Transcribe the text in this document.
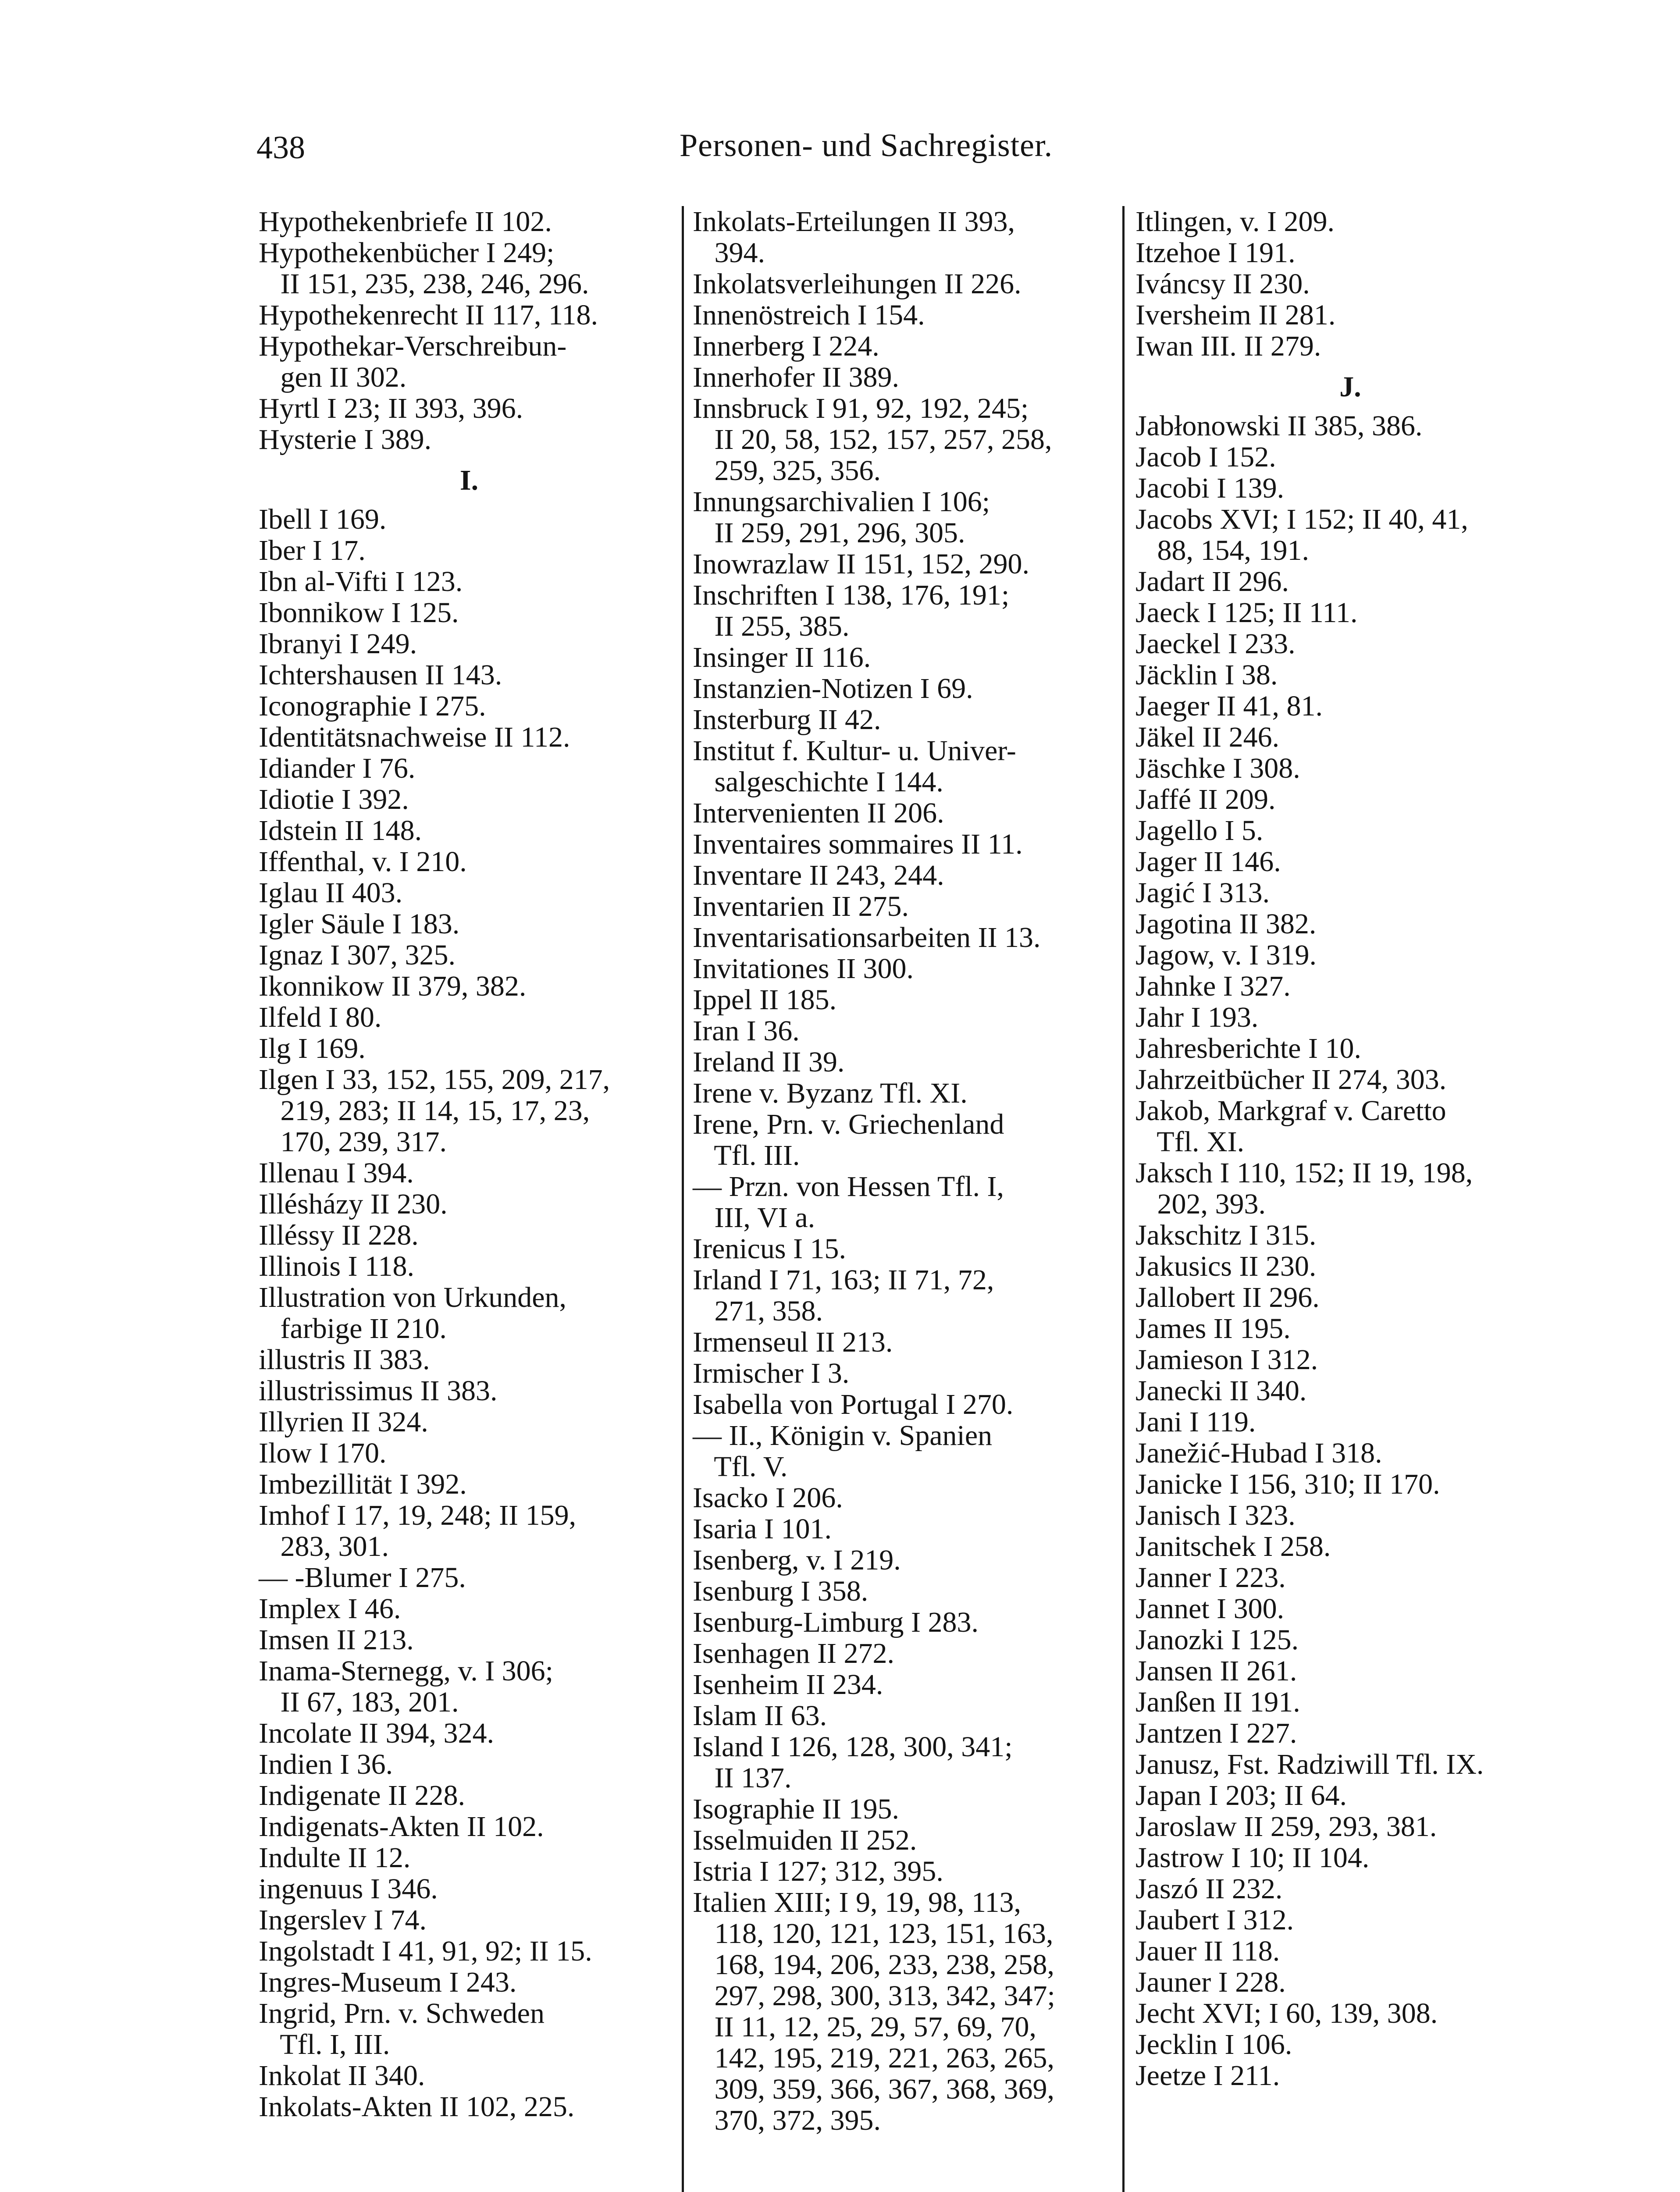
438	Personen- und Sachregister.
Hypothekenbriefe II 102.
Hypothekenbücher I 249;
II 151, 235, 238, 246, 296.
Hypothekenrecht II 117, 118.
Hypothekar-Verschreibun-
gen II 302.
Hyrtl I 23; II 393, 396.
Hysterie I 389.
I.
Ibell I 169.
Iber I 17.
Ibn al-Vifti I 123.
Ibonnikow I 125.
Ibranyi I 249.
Ichtershausen II 143.
Iconographie I 275.
Identitätsnachweise II 112.
Idiander I 76.
Idiotie I 392.
Idstein II 148.
Iffenthal, v. I 210.
Iglau II 403.
Igler Säule I 183.
Ignaz I 307, 325.
Ikonnikow II 379, 382.
Ilfeld I 80.
Ilg I 169.
Ilgen I 33, 152, 155, 209, 217,
219, 283; II 14, 15, 17, 23,
170, 239, 317.
Illenau I 394.
Illésházy II 230.
Illéssy II 228.
Illinois I 118.
Illustration von Urkunden,
farbige II 210.
illustris II 383.
illustrissimus II 383.
Illyrien II 324.
Ilow I 170.
Imbezillität I 392.
Imhof I 17, 19, 248; II 159,
283, 301.
— -Blumer I 275.
Implex I 46.
Imsen II 213.
Inama-Sternegg, v. I 306;
II 67, 183, 201.
Incolate II 394, 324.
Indien I 36.
Indigenate II 228.
Indigenats-Akten II 102.
Indulte II 12.
ingenuus I 346.
Ingerslev I 74.
Ingolstadt I 41, 91, 92; II 15.
Ingres-Museum I 243.
Ingrid, Prn. v. Schweden
Tfl. I, III.
Inkolat II 340.
Inkolats-Akten II 102, 225.
Inkolats-Erteilungen II 393,
394.
Inkolatsverleihungen II 226.
Innenöstreich I 154.
Innerberg I 224.
Innerhofer II 389.
Innsbruck I 91, 92, 192, 245;
II 20, 58, 152, 157, 257, 258,
259, 325, 356.
Innungsarchivalien I 106;
II 259, 291, 296, 305.
Inowrazlaw II 151, 152, 290.
Inschriften I 138, 176, 191;
II 255, 385.
Insinger II 116.
Instanzien-Notizen I 69.
Insterburg II 42.
Institut f. Kultur- u. Univer-
salgeschichte I 144.
Intervenienten II 206.
Inventaires sommaires II 11.
Inventare II 243, 244.
Inventarien II 275.
Inventarisationsarbeiten II 13.
Invitationes II 300.
Ippel II 185.
Iran I 36.
Ireland II 39.
Irene v. Byzanz Tfl. XI.
Irene, Prn. v. Griechenland
Tfl. III.
— Przn. von Hessen Tfl. I,
III, VI a.
Irenicus I 15.
Irland I 71, 163; II 71, 72,
271, 358.
Irmenseul II 213.
Irmischer I 3.
Isabella von Portugal I 270.
— II., Königin v. Spanien
Tfl. V.
Isacko I 206.
Isaria I 101.
Isenberg, v. I 219.
Isenburg I 358.
Isenburg-Limburg I 283.
Isenhagen II 272.
Isenheim II 234.
Islam II 63.
Island I 126, 128, 300, 341;
II 137.
Isographie II 195.
Isselmuiden II 252.
Istria I 127; 312, 395.
Italien XIII; I 9, 19, 98, 113,
118, 120, 121, 123, 151, 163,
168, 194, 206, 233, 238, 258,
297, 298, 300, 313, 342, 347;
II 11, 12, 25, 29, 57, 69, 70,
142, 195, 219, 221, 263, 265,
309, 359, 366, 367, 368, 369,
370, 372, 395.
Itlingen, v. I 209.
Itzehoe I 191.
Iváncsy II 230.
Iversheim II 281.
Iwan III. II 279.
J.
Jabłonowski II 385, 386.
Jacob I 152.
Jacobi I 139.
Jacobs XVI; I 152; II 40, 41,
88, 154, 191.
Jadart II 296.
Jaeck I 125; II 111.
Jaeckel I 233.
Jäcklin I 38.
Jaeger II 41, 81.
Jäkel II 246.
Jäschke I 308.
Jaffé II 209.
Jagello I 5.
Jager II 146.
Jagić I 313.
Jagotina II 382.
Jagow, v. I 319.
Jahnke I 327.
Jahr I 193.
Jahresberichte I 10.
Jahrzeitbücher II 274, 303.
Jakob, Markgraf v. Caretto
Tfl. XI.
Jaksch I 110, 152; II 19, 198,
202, 393.
Jakschitz I 315.
Jakusics II 230.
Jallobert II 296.
James II 195.
Jamieson I 312.
Janecki II 340.
Jani I 119.
Janežić-Hubad I 318.
Janicke I 156, 310; II 170.
Janisch I 323.
Janitschek I 258.
Janner I 223.
Jannet I 300.
Janozki I 125.
Jansen II 261.
Janßen II 191.
Jantzen I 227.
Janusz, Fst. Radziwill Tfl. IX.
Japan I 203; II 64.
Jaroslaw II 259, 293, 381.
Jastrow I 10; II 104.
Jaszó II 232.
Jaubert I 312.
Jauer II 118.
Jauner I 228.
Jecht XVI; I 60, 139, 308.
Jecklin I 106.
Jeetze I 211.
